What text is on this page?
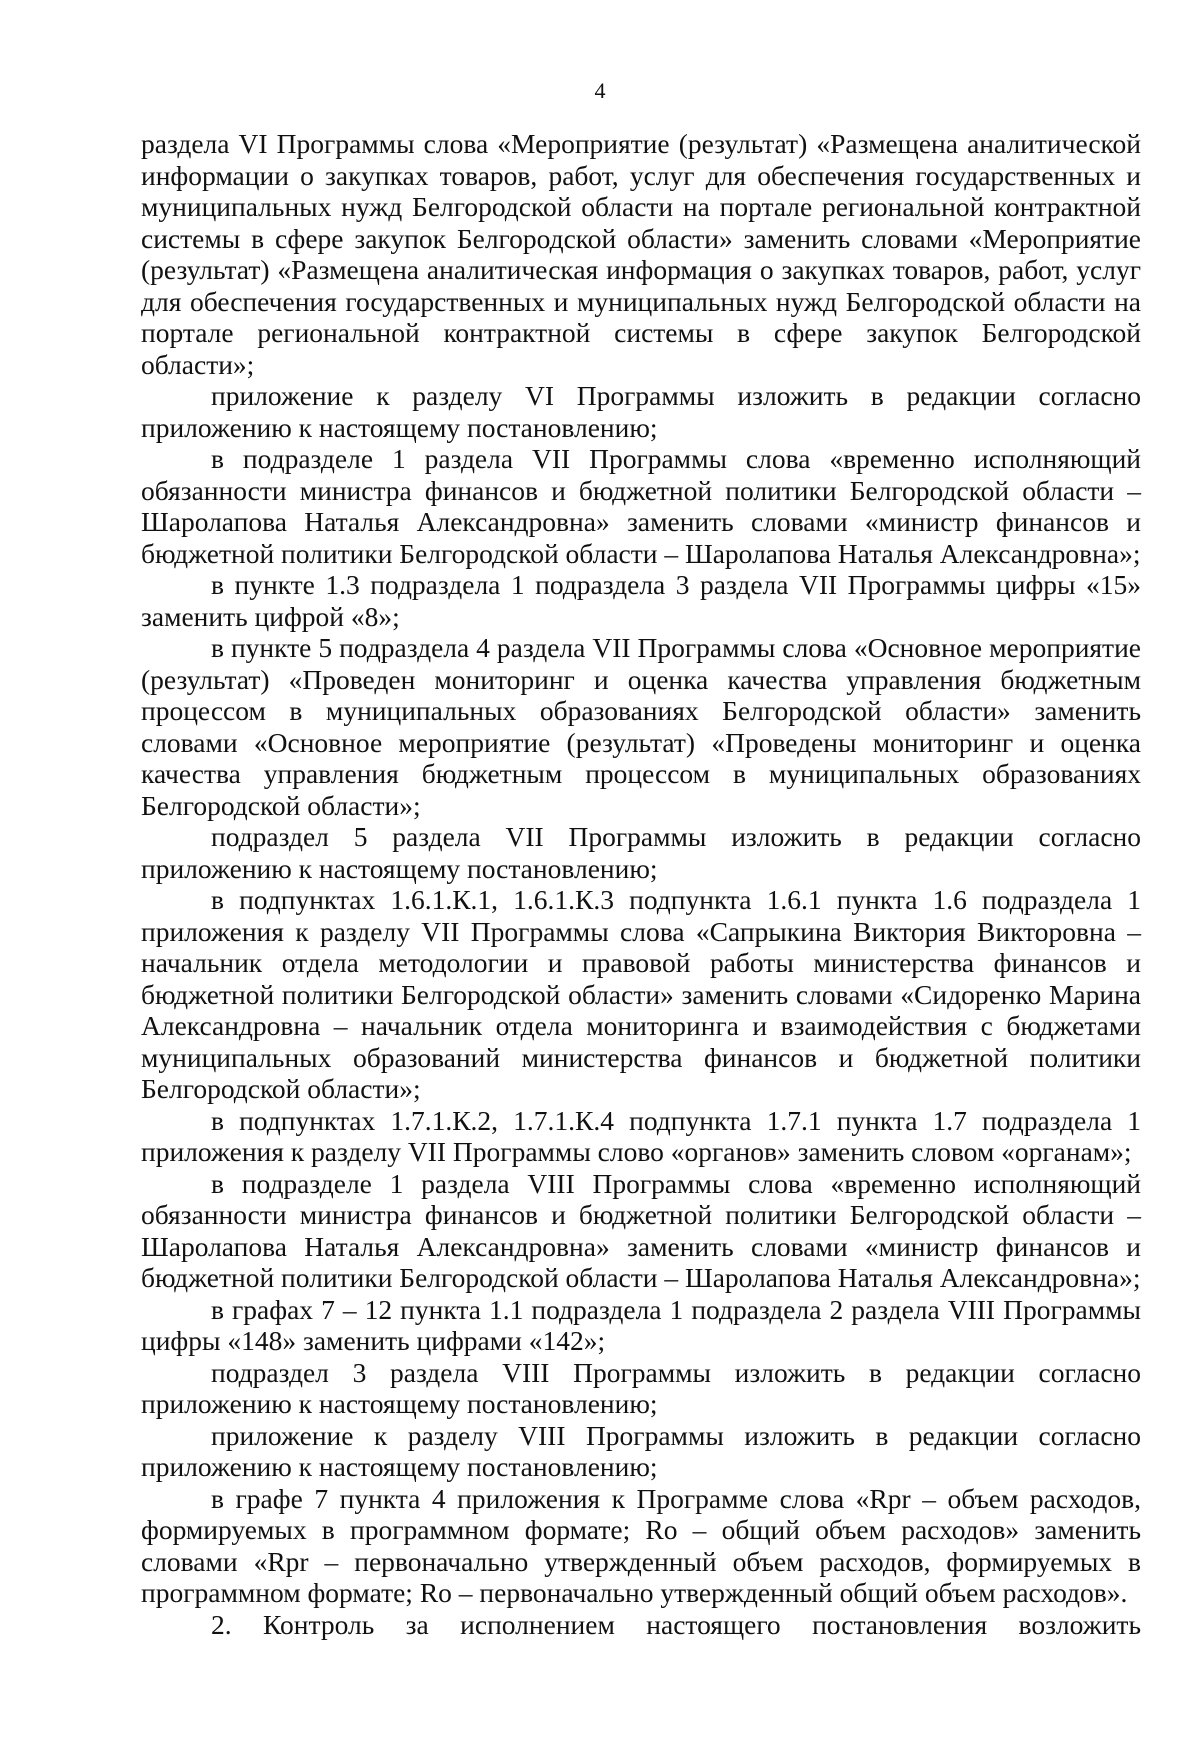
4

раздела VI Программы слова «Мероприятие (результат) «Размещена аналитической информации о закупках товаров, работ, услуг для обеспечения государственных и муниципальных нужд Белгородской области на портале региональной контрактной системы в сфере закупок Белгородской области» заменить словами «Мероприятие (результат) «Размещена аналитическая информация о закупках товаров, работ, услуг для обеспечения государственных и муниципальных нужд Белгородской области на портале региональной контрактной системы в сфере закупок Белгородской области»;

приложение к разделу VI Программы изложить в редакции согласно приложению к настоящему постановлению;

в подразделе 1 раздела VII Программы слова «временно исполняющий обязанности министра финансов и бюджетной политики Белгородской области – Шаролапова Наталья Александровна» заменить словами «министр финансов и бюджетной политики Белгородской области – Шаролапова Наталья Александровна»;

в пункте 1.3 подраздела 1 подраздела 3 раздела VII Программы цифры «15» заменить цифрой «8»;

в пункте 5 подраздела 4 раздела VII Программы слова «Основное мероприятие (результат) «Проведен мониторинг и оценка качества управления бюджетным процессом в муниципальных образованиях Белгородской области» заменить словами «Основное мероприятие (результат) «Проведены мониторинг и оценка качества управления бюджетным процессом в муниципальных образованиях Белгородской области»;

подраздел 5 раздела VII Программы изложить в редакции согласно приложению к настоящему постановлению;

в подпунктах 1.6.1.К.1, 1.6.1.К.3 подпункта 1.6.1 пункта 1.6 подраздела 1 приложения к разделу VII Программы слова «Сапрыкина Виктория Викторовна – начальник отдела методологии и правовой работы министерства финансов и бюджетной политики Белгородской области» заменить словами «Сидоренко Марина Александровна – начальник отдела мониторинга и взаимодействия с бюджетами муниципальных образований министерства финансов и бюджетной политики Белгородской области»;

в подпунктах 1.7.1.К.2, 1.7.1.К.4 подпункта 1.7.1 пункта 1.7 подраздела 1 приложения к разделу VII Программы слово «органов» заменить словом «органам»;

в подразделе 1 раздела VIII Программы слова «временно исполняющий обязанности министра финансов и бюджетной политики Белгородской области – Шаролапова Наталья Александровна» заменить словами «министр финансов и бюджетной политики Белгородской области – Шаролапова Наталья Александровна»;

в графах 7 – 12 пункта 1.1 подраздела 1 подраздела 2 раздела VIII Программы цифры «148» заменить цифрами «142»;

подраздел 3 раздела VIII Программы изложить в редакции согласно приложению к настоящему постановлению;

приложение к разделу VIII Программы изложить в редакции согласно приложению к настоящему постановлению;

в графе 7 пункта 4 приложения к Программе слова «Rpr – объем расходов, формируемых в программном формате; Ro – общий объем расходов» заменить словами «Rpr – первоначально утвержденный объем расходов, формируемых в программном формате; Ro – первоначально утвержденный общий объем расходов».

2. Контроль за исполнением настоящего постановления возложить
